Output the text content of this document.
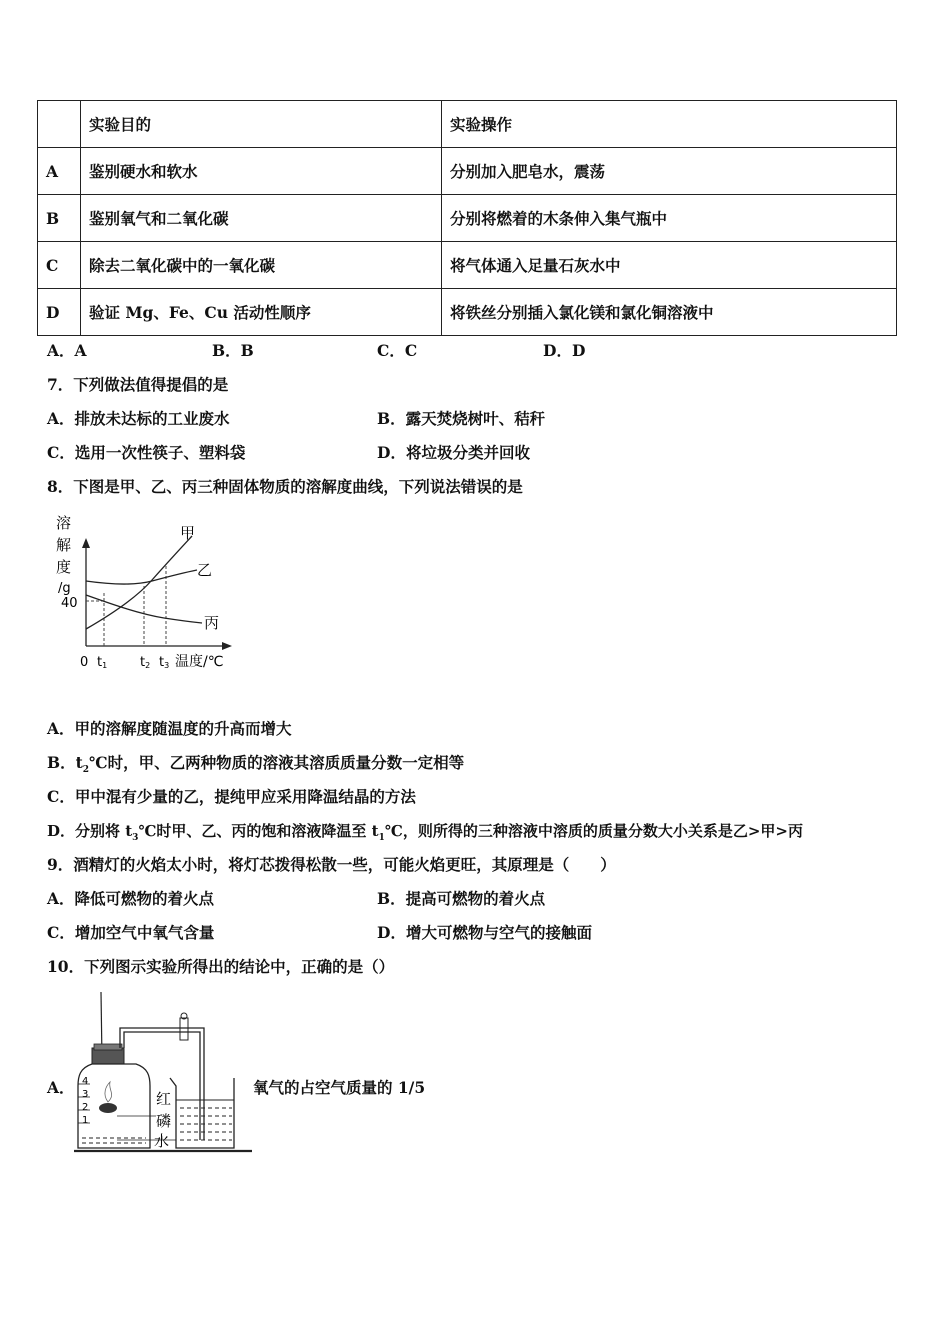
	实验目的	实验操作
A	鉴别硬水和软水	分别加入肥皂水，震荡
B	鉴别氧气和二氧化碳	分别将燃着的木条伸入集气瓶中
C	除去二氧化碳中的一氧化碳	将气体通入足量石灰水中
D	验证 Mg、Fe、Cu 活动性顺序	将铁丝分别插入氯化镁和氯化铜溶液中
A．A	B．B	C．C	D．D
7．下列做法值得提倡的是
A．排放未达标的工业废水	B．露天焚烧树叶、秸秆
C．选用一次性筷子、塑料袋	D．将垃圾分类并回收
8．下图是甲、乙、丙三种固体物质的溶解度曲线，下列说法错误的是
溶
解
度
/g
40
甲
乙
丙
0 t1	t2 t3 温度/℃
A．甲的溶解度随温度的升高而增大
B．$t_2℃$时，甲、乙两种物质的溶液其溶质质量分数一定相等
C．甲中混有少量的乙，提纯甲应采用降温结晶的方法
D．分别将 $t_3℃$时甲、乙、丙的饱和溶液降温至 $t_1℃$，则所得的三种溶液中溶质的质量分数大小关系是乙>甲>丙
9．酒精灯的火焰太小时，将灯芯拨得松散一些，可能火焰更旺，其原理是（　　）
A．降低可燃物的着火点	B．提高可燃物的着火点
C．增加空气中氧气含量	D．增大可燃物与空气的接触面
10．下列图示实验所得出的结论中，正确的是（）
A． 4
3
2
1
红
磷
水
氧气的占空气质量的 1/5
